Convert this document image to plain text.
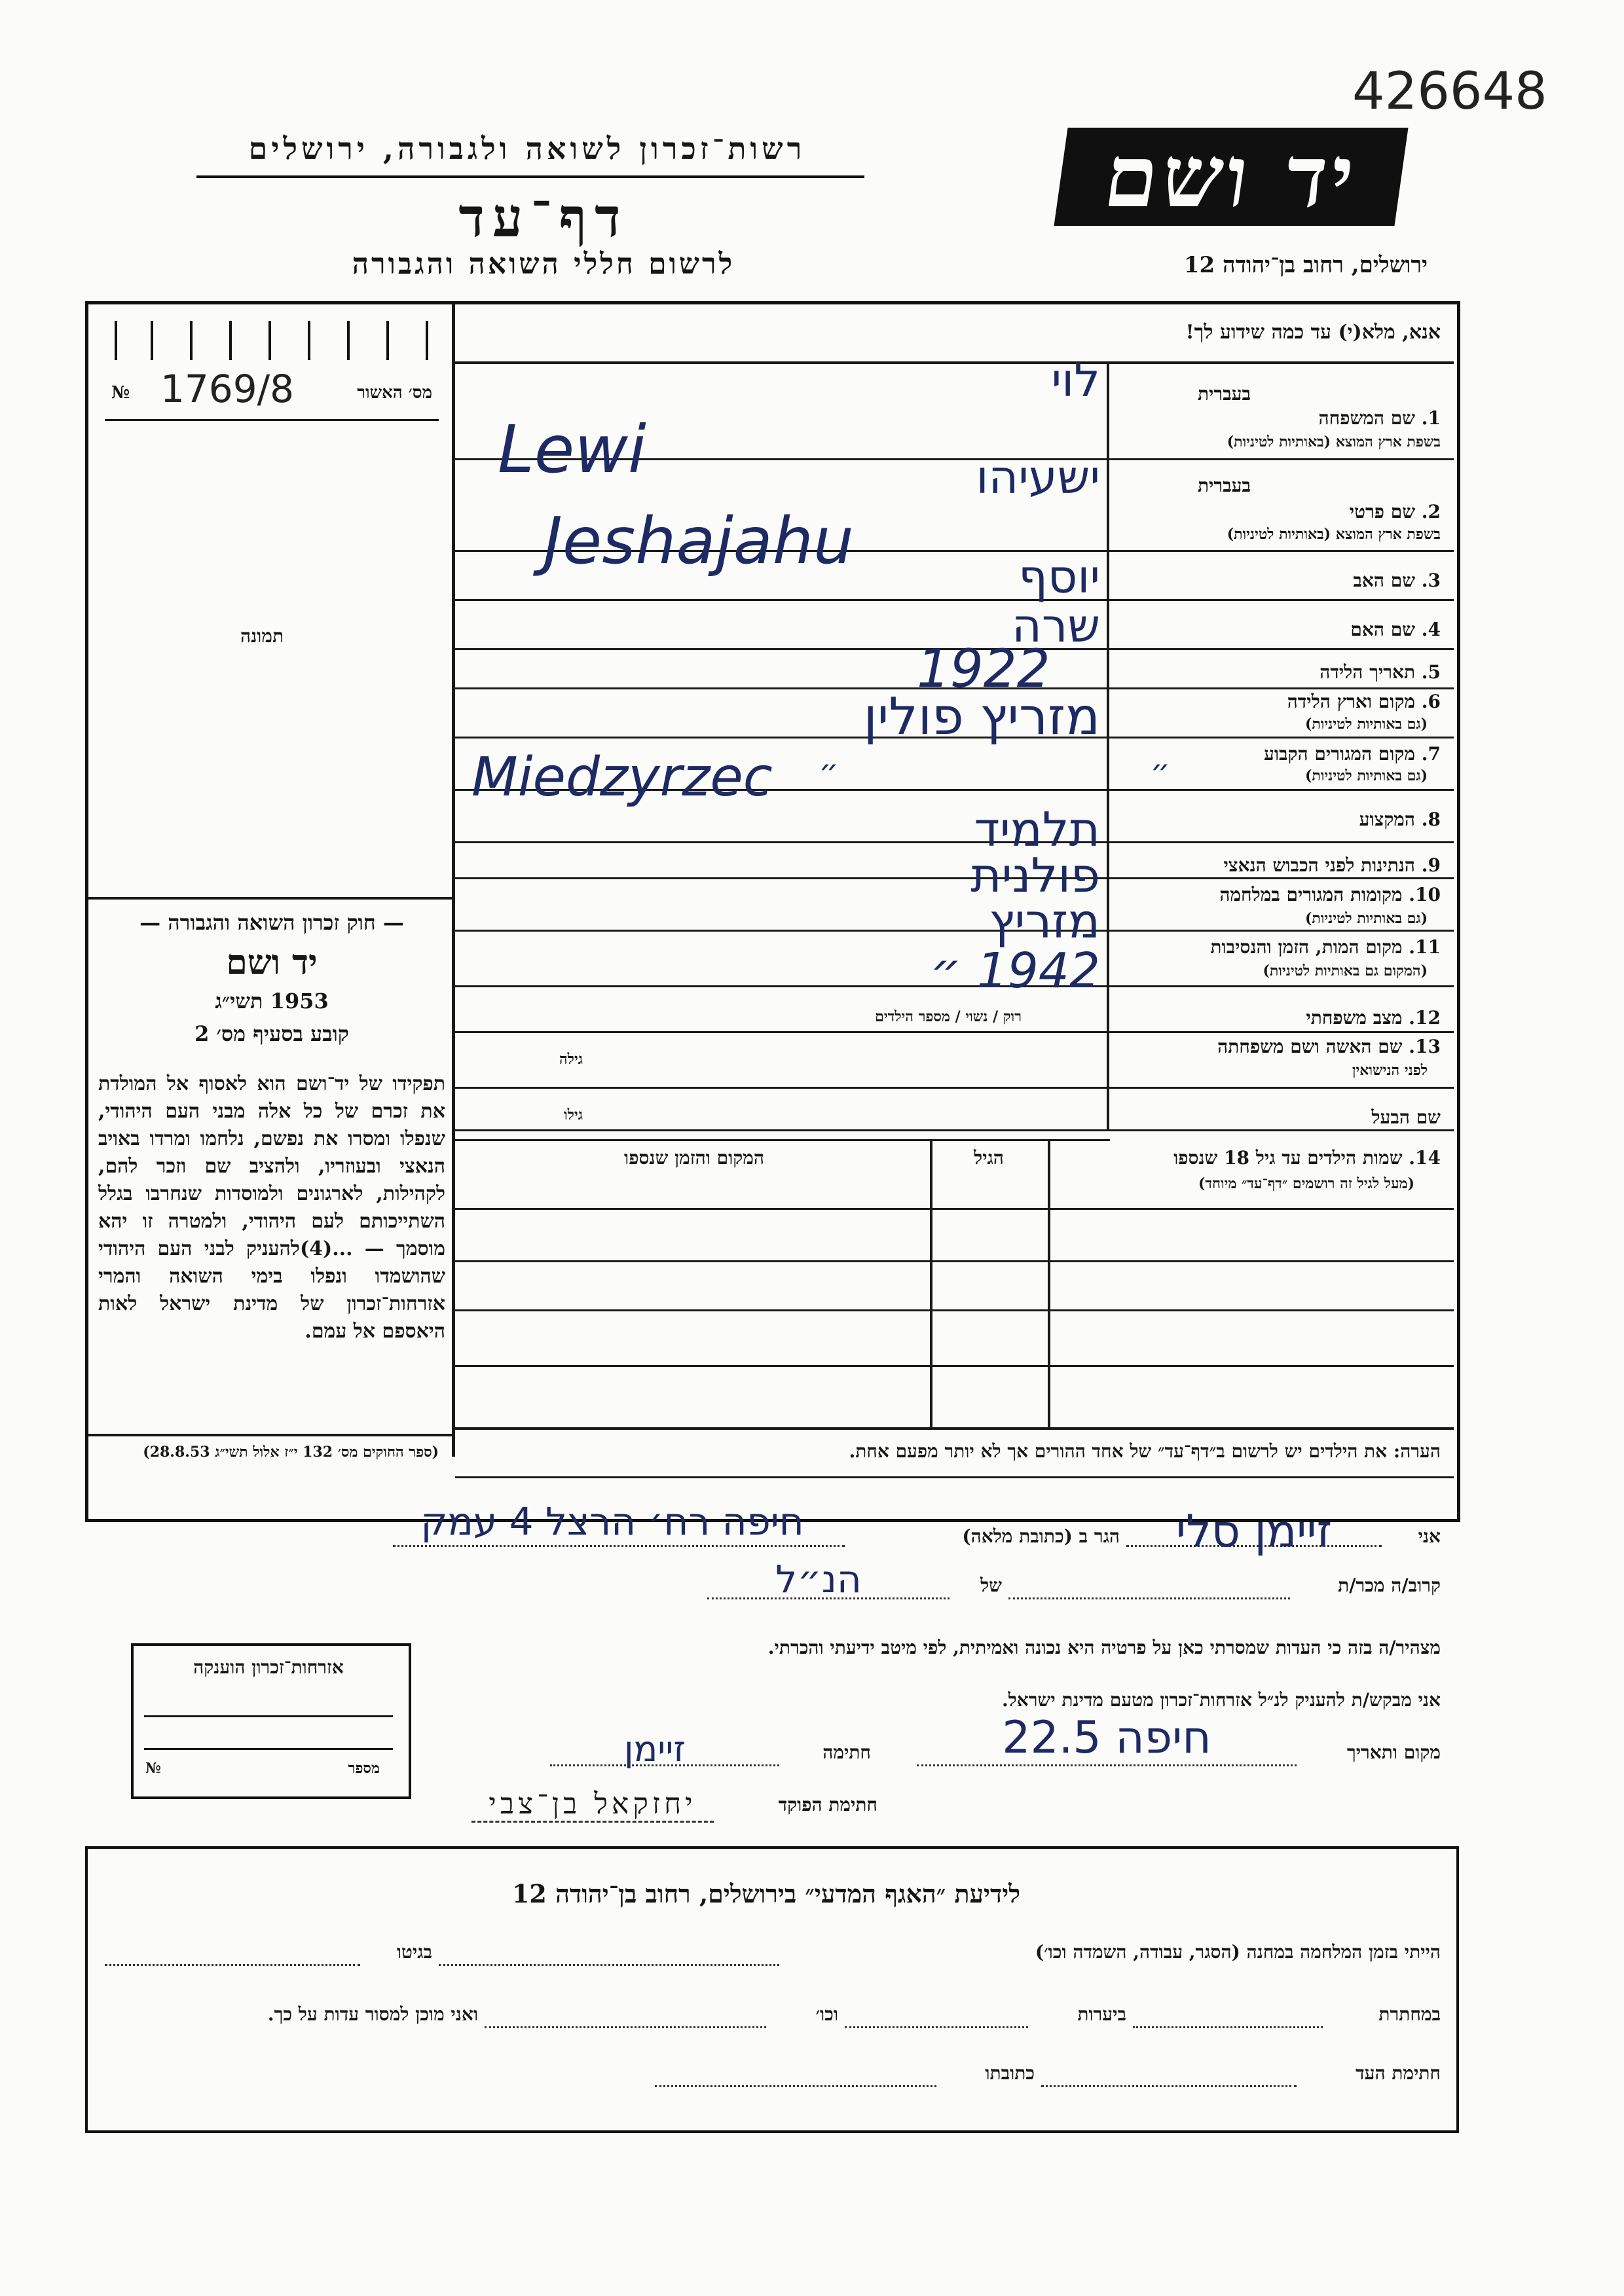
426648
רשות־זכרון לשואה ולגבורה, ירושלים
דף־עד
לרשום חללי השואה והגבורה
יד ושם
ירושלים, רחוב בן־יהודה 12
אנא, מלא(י) עד כמה שידוע לך!
מס׳ האשור
№ 1769/8
תמונה
בעברית
1. שם המשפחה
בשפת ארץ המוצא (באותיות לטיניות)
בעברית
2. שם פרטי
בשפת ארץ המוצא (באותיות לטיניות)
3. שם האב
4. שם האם
5. תאריך הלידה
6. מקום וארץ הלידה
(גם באותיות לטיניות)
7. מקום המגורים הקבוע
(גם באותיות לטיניות)
8. המקצוע
9. הנתינות לפני הכבוש הנאצי
10. מקומות המגורים במלחמה
(גם באותיות לטיניות)
11. מקום המות, הזמן והנסיבות
(המקום גם באותיות לטיניות)
12. מצב משפחתי
רוק / נשוי / מספר הילדים
13. שם האשה ושם משפחתה
לפני הנישואין
גילה
שם הבעל
גילו
לוי
Lewi	ישעיהו
Jeshajahu	יוסף
שרה
1922
מזריץ פולין
Miedzyrzec ״ ״
תלמיד
פולנית
מזריץ
1942 ״
14. שמות הילדים עד גיל 18 שנספו
(מעל לגיל זה רושמים ״דף־עד״ מיוחד)
הגיל
המקום והזמן שנספו
הערה: את הילדים יש לרשום ב״דף־עד״ של אחד ההורים אך לא יותר מפעם אחת.
— חוק זכרון השואה והגבורה —
יד ושם
1953 תשי״ג
קובע בסעיף מס׳ 2
תפקידו של יד־ושם הוא לאסוף אל המולדת את זכרם של כל אלה מבני העם היהודי, שנפלו ומסרו את נפשם, נלחמו ומרדו באויב הנאצי ובעוזריו, ולהציב שם וזכר להם, לקהילות, לארגונים ולמוסדות שנחרבו בגלל השתייכותם לעם היהודי, ולמטרה זו יהא מוסמך — ...(4)להעניק לבני העם היהודי שהושמדו ונפלו בימי השואה והמרי אזרחות־זכרון של מדינת ישראל לאות היאספם אל עמם.
(ספר החוקים מס׳ 132 י״ז אלול תשי״ג 28.8.53)
אני
זיימן סלי
הגר ב (כתובת מלאה)
חיפה רח׳ הרצל 4 עמק
קרוב/ה מכר/ת
של
הנ״ל
מצהיר/ה בזה כי העדות שמסרתי כאן על פרטיה היא נכונה ואמיתית, לפי מיטב ידיעתי והכרתי.
אני מבקש/ת להעניק לנ״ל אזרחות־זכרון מטעם מדינת ישראל.
מקום ותאריך
חיפה 22.5
חתימה
זיימן
חתימת הפוקד
יחזקאל בן־צבי
אזרחות־זכרון הוענקה
מספר
№
לידיעת ״האגף המדעי״ בירושלים, רחוב בן־יהודה 12
הייתי בזמן המלחמה במחנה (הסגר, עבודה, השמדה וכו׳)
בגיטו
במחתרת
ביערות
וכו׳
ואני מוכן למסור עדות על כך.
חתימת העד
כתובתו
